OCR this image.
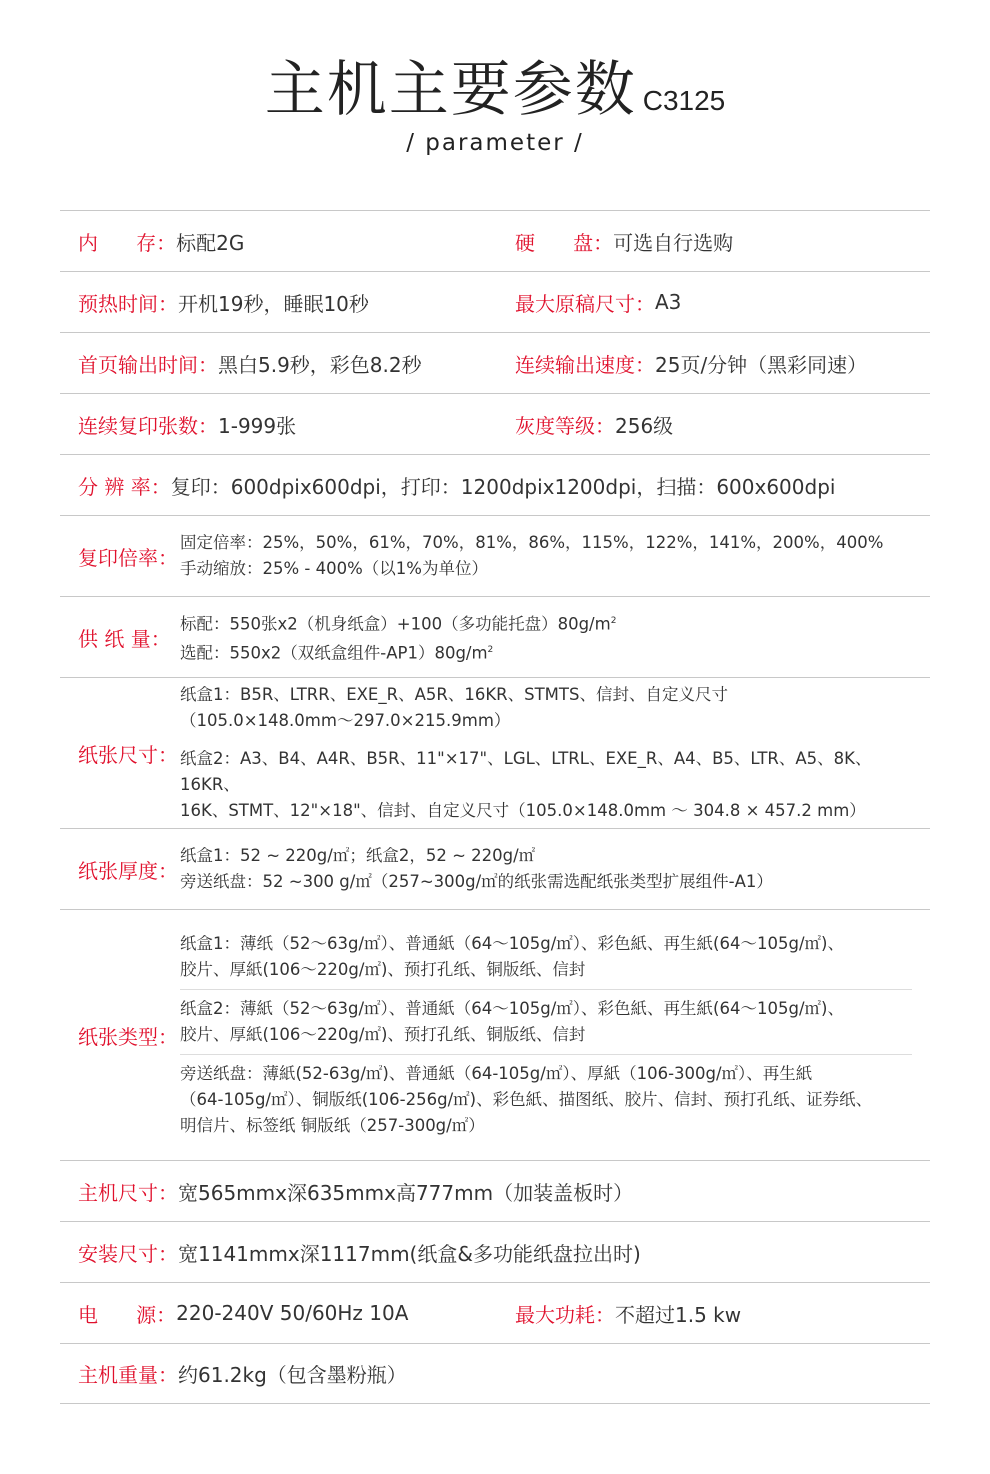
主机主要参数 C3125
/ parameter /
内      存： 标配2G	硬      盘： 可选自行选购
预热时间： 开机19秒，睡眠10秒	最大原稿尺寸： A3
首页输出时间： 黑白5.9秒，彩色8.2秒	连续输出速度： 25页/分钟（黑彩同速）
连续复印张数： 1-999张	灰度等级： 256级
分 辨 率： 复印：600dpix600dpi，打印：1200dpix1200dpi，扫描：600x600dpi
复印倍率：
固定倍率：25%，50%，61%，70%，81%，86%，115%，122%，141%，200%，400%
手动缩放：25% - 400%（以1%为单位）
供 纸 量：
标配：550张x2（机身纸盒）+100（多功能托盘）$80g/m^2$
选配：550x2（双纸盒组件$-AP1)80g/m^2$
纸张尺寸：
纸盒1：B5R、LTRR、EXE_R、A5R、16KR、STMTS、信封、自定义尺寸
（105.0×148.0mm～297.0×215.9mm）
纸盒2：A3、B4、A4R、B5R、11"×17"、LGL、LTRL、EXE_R、A4、B5、LTR、A5、8K、16KR、
16K、STMT、12"×18"、信封、自定义尺寸（105.0×148.0mm ～ 304.8 × 457.2 mm）
纸张厚度：
纸盒1：52 ~ 220g/㎡；纸盒2，52 ~ 220g/㎡
旁送纸盘：52 ~300 g/㎡（257~300g/㎡的纸张需选配纸张类型扩展组件-A1）
纸张类型：
纸盒1：薄纸（52～63g/㎡）、普通紙（64～105g/㎡）、彩色紙、再生紙(64～105g/㎡)、
胶片、厚紙(106～220g/㎡)、预打孔纸、铜版纸、信封
纸盒2：薄紙（52～63g/㎡）、普通紙（64～105g/㎡）、彩色紙、再生紙(64～105g/㎡)、
胶片、厚紙(106～220g/㎡)、预打孔纸、铜版纸、信封
旁送纸盘：薄紙(52-63g/㎡)、普通紙（64-105g/㎡）、厚紙（106-300g/㎡）、再生紙
（64-105g/㎡）、铜版纸(106-256g/㎡)、彩色紙、描图纸、胶片、信封、预打孔纸、证券纸、
明信片、标签纸 铜版纸（257-300g/㎡）
主机尺寸： 宽565mmx深635mmx高777mm（加装盖板时）
安装尺寸： 宽1141mmx深1117mm(纸盒&多功能纸盘拉出时)
电      源： 220-240V 50/60Hz 10A	最大功耗： 不超过1.5 kw
主机重量： 约61.2kg（包含墨粉瓶）
